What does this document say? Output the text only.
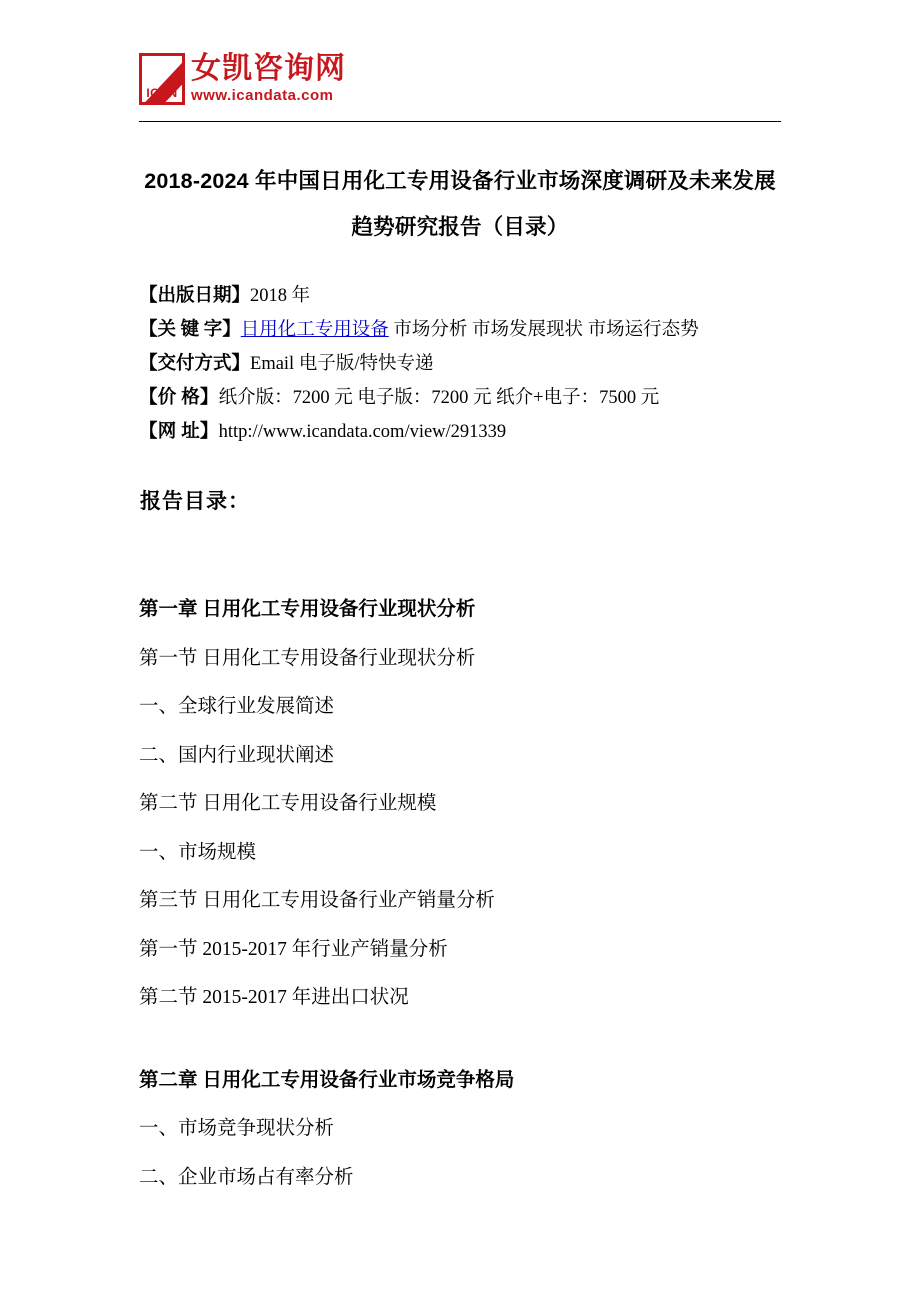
ICAN
女凯咨询网
www.icandata.com
2018-2024 年中国日用化工专用设备行业市场深度调研及未来发展趋势研究报告（目录）
【出版日期】2018 年
【关 键 字】日用化工专用设备 市场分析 市场发展现状 市场运行态势
【交付方式】Email 电子版/特快专递
【价 格】纸介版：7200 元 电子版：7200 元 纸介+电子：7500 元
【网 址】http://www.icandata.com/view/291339
报告目录：
第一章 日用化工专用设备行业现状分析
第一节 日用化工专用设备行业现状分析
一、全球行业发展简述
二、国内行业现状阐述
第二节 日用化工专用设备行业规模
一、市场规模
第三节 日用化工专用设备行业产销量分析
第一节 2015-2017 年行业产销量分析
第二节 2015-2017 年进出口状况
第二章 日用化工专用设备行业市场竞争格局
一、市场竞争现状分析
二、企业市场占有率分析
